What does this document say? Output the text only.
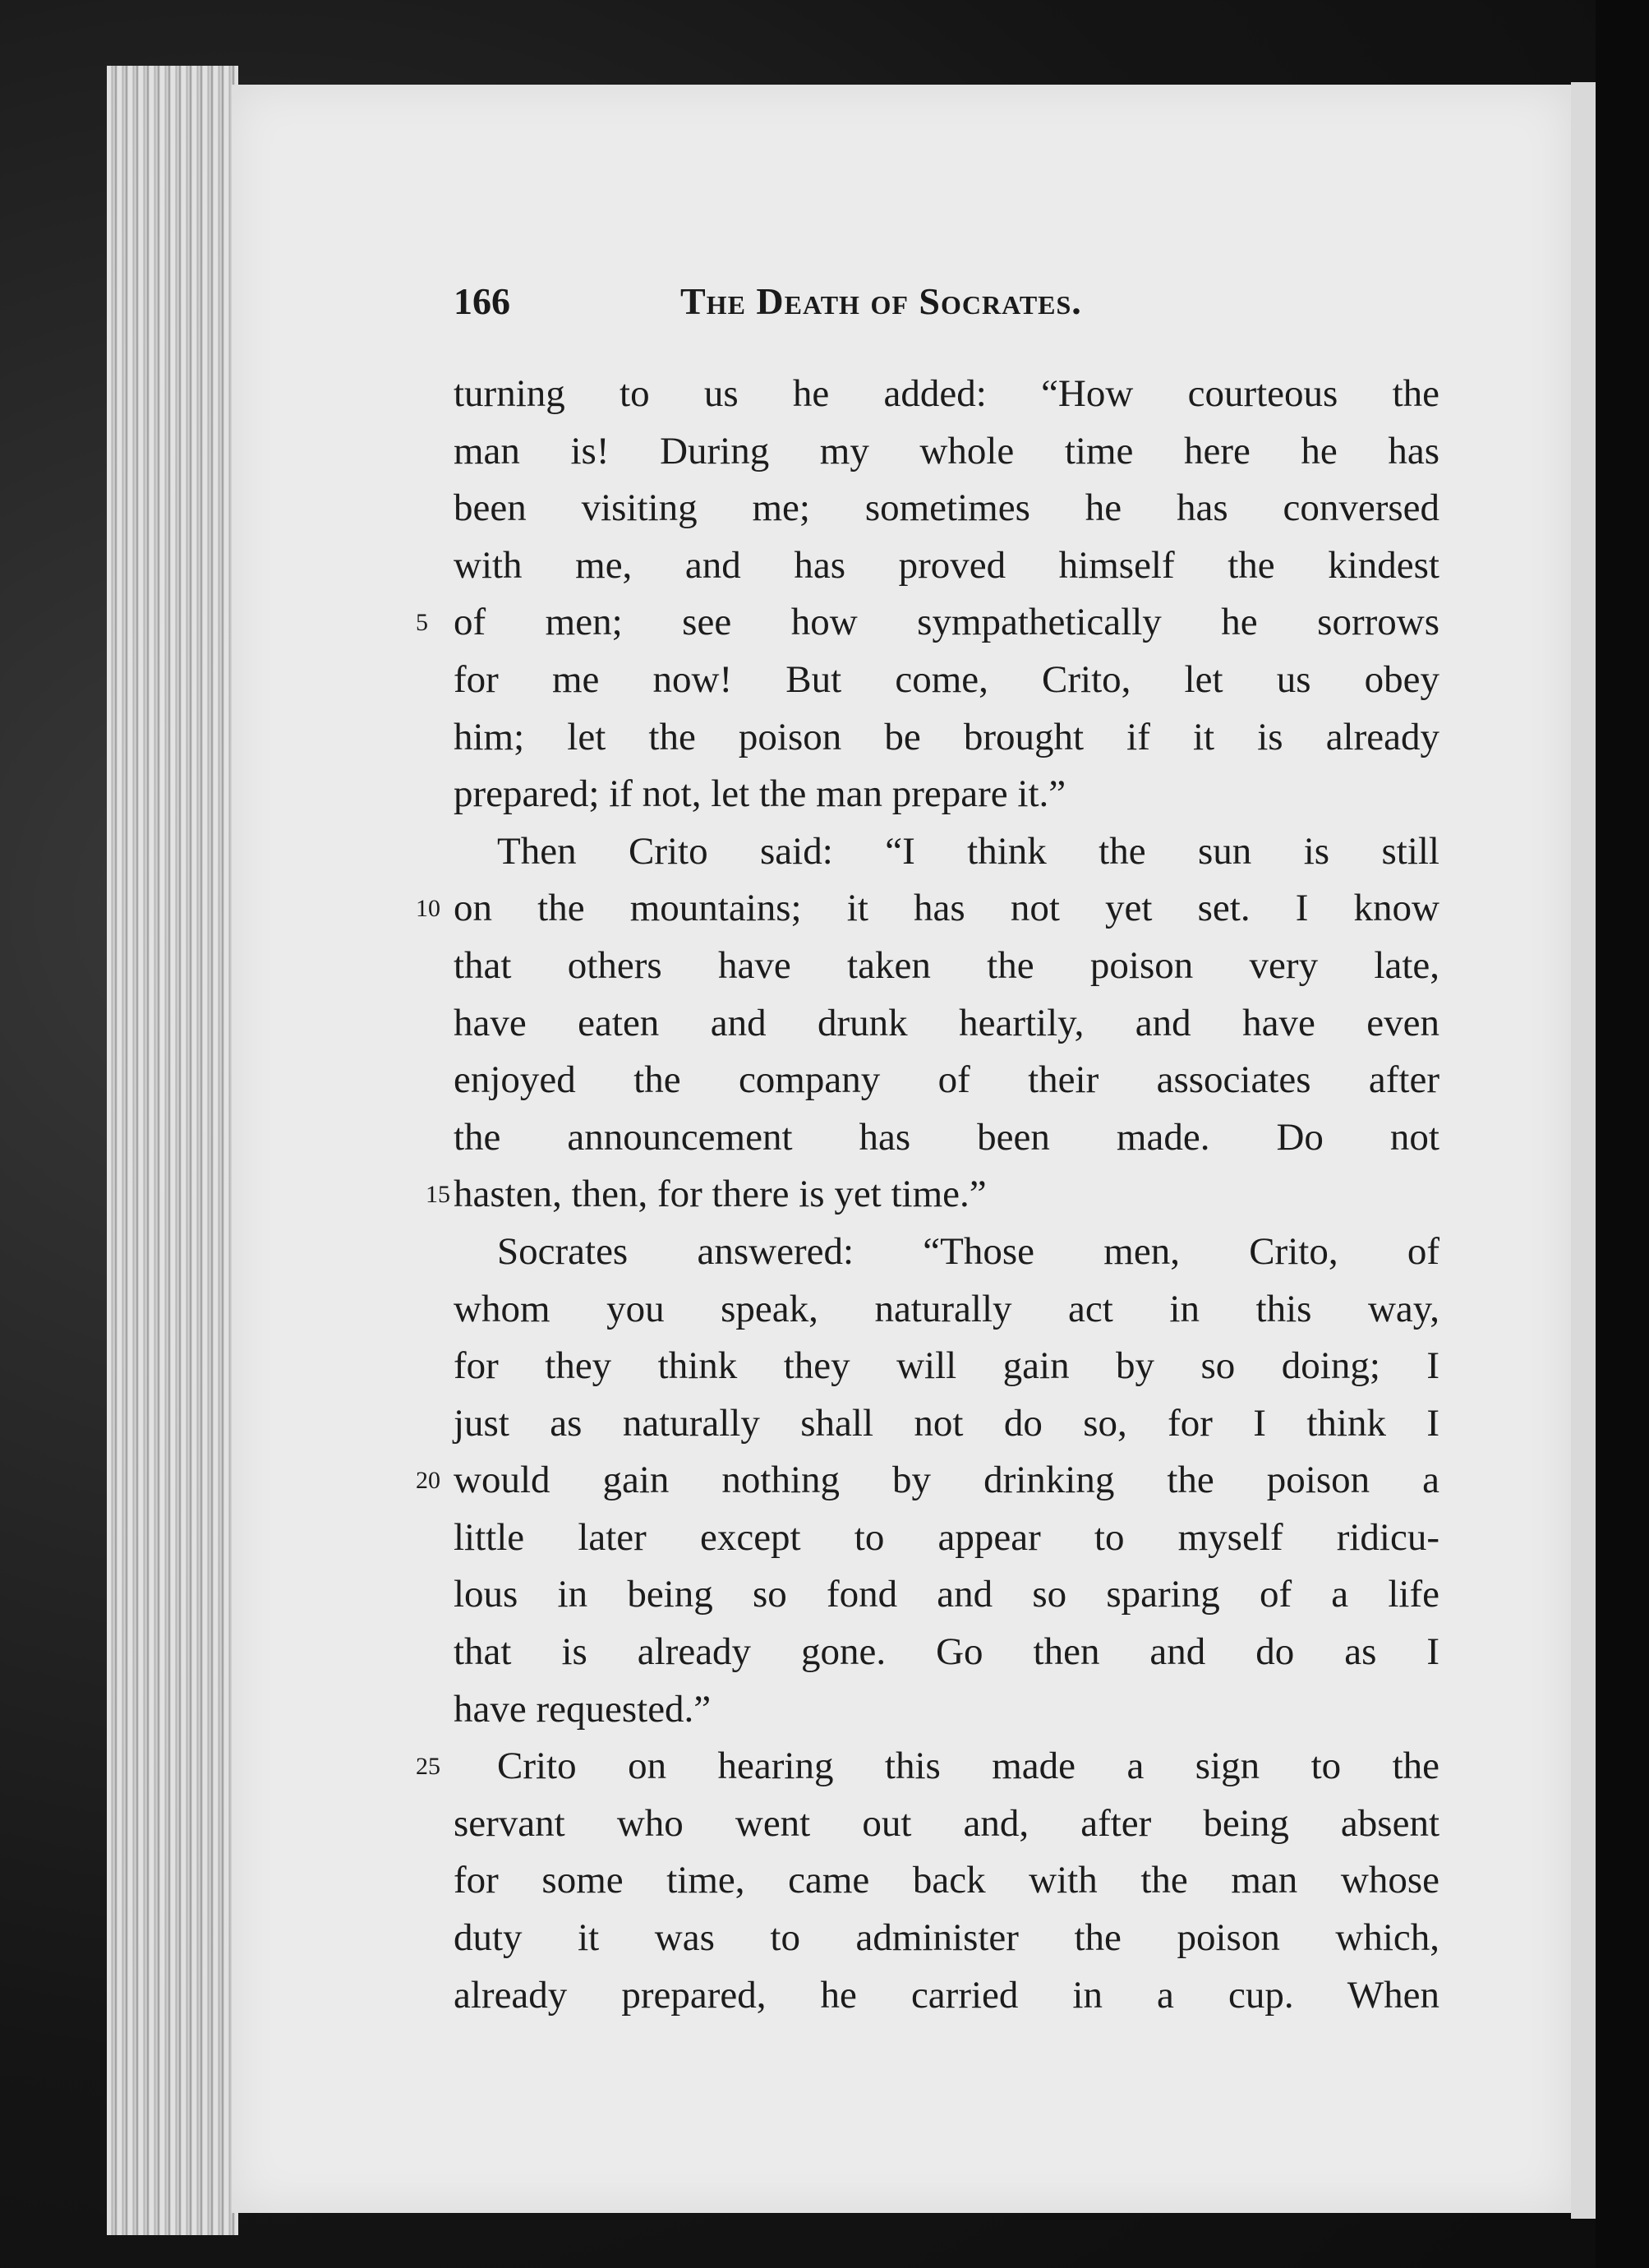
166	The Death of Socrates.
turning to us he added: “How courteous the
man is! During my whole time here he has
been visiting me; sometimes he has conversed
with me, and has proved himself the kindest
5 of men; see how sympathetically he sorrows
for me now! But come, Crito, let us obey
him; let the poison be brought if it is already
prepared; if not, let the man prepare it.”
Then Crito said: “I think the sun is still
10 on the mountains; it has not yet set. I know
that others have taken the poison very late,
have eaten and drunk heartily, and have even
enjoyed the company of their associates after
the announcement has been made. Do not
15 hasten, then, for there is yet time.”
Socrates answered: “Those men, Crito, of
whom you speak, naturally act in this way,
for they think they will gain by so doing; I
just as naturally shall not do so, for I think I
20 would gain nothing by drinking the poison a
little later except to appear to myself ridicu-
lous in being so fond and so sparing of a life
that is already gone. Go then and do as I
have requested.”
25 Crito on hearing this made a sign to the
servant who went out and, after being absent
for some time, came back with the man whose
duty it was to administer the poison which,
already prepared, he carried in a cup. When
